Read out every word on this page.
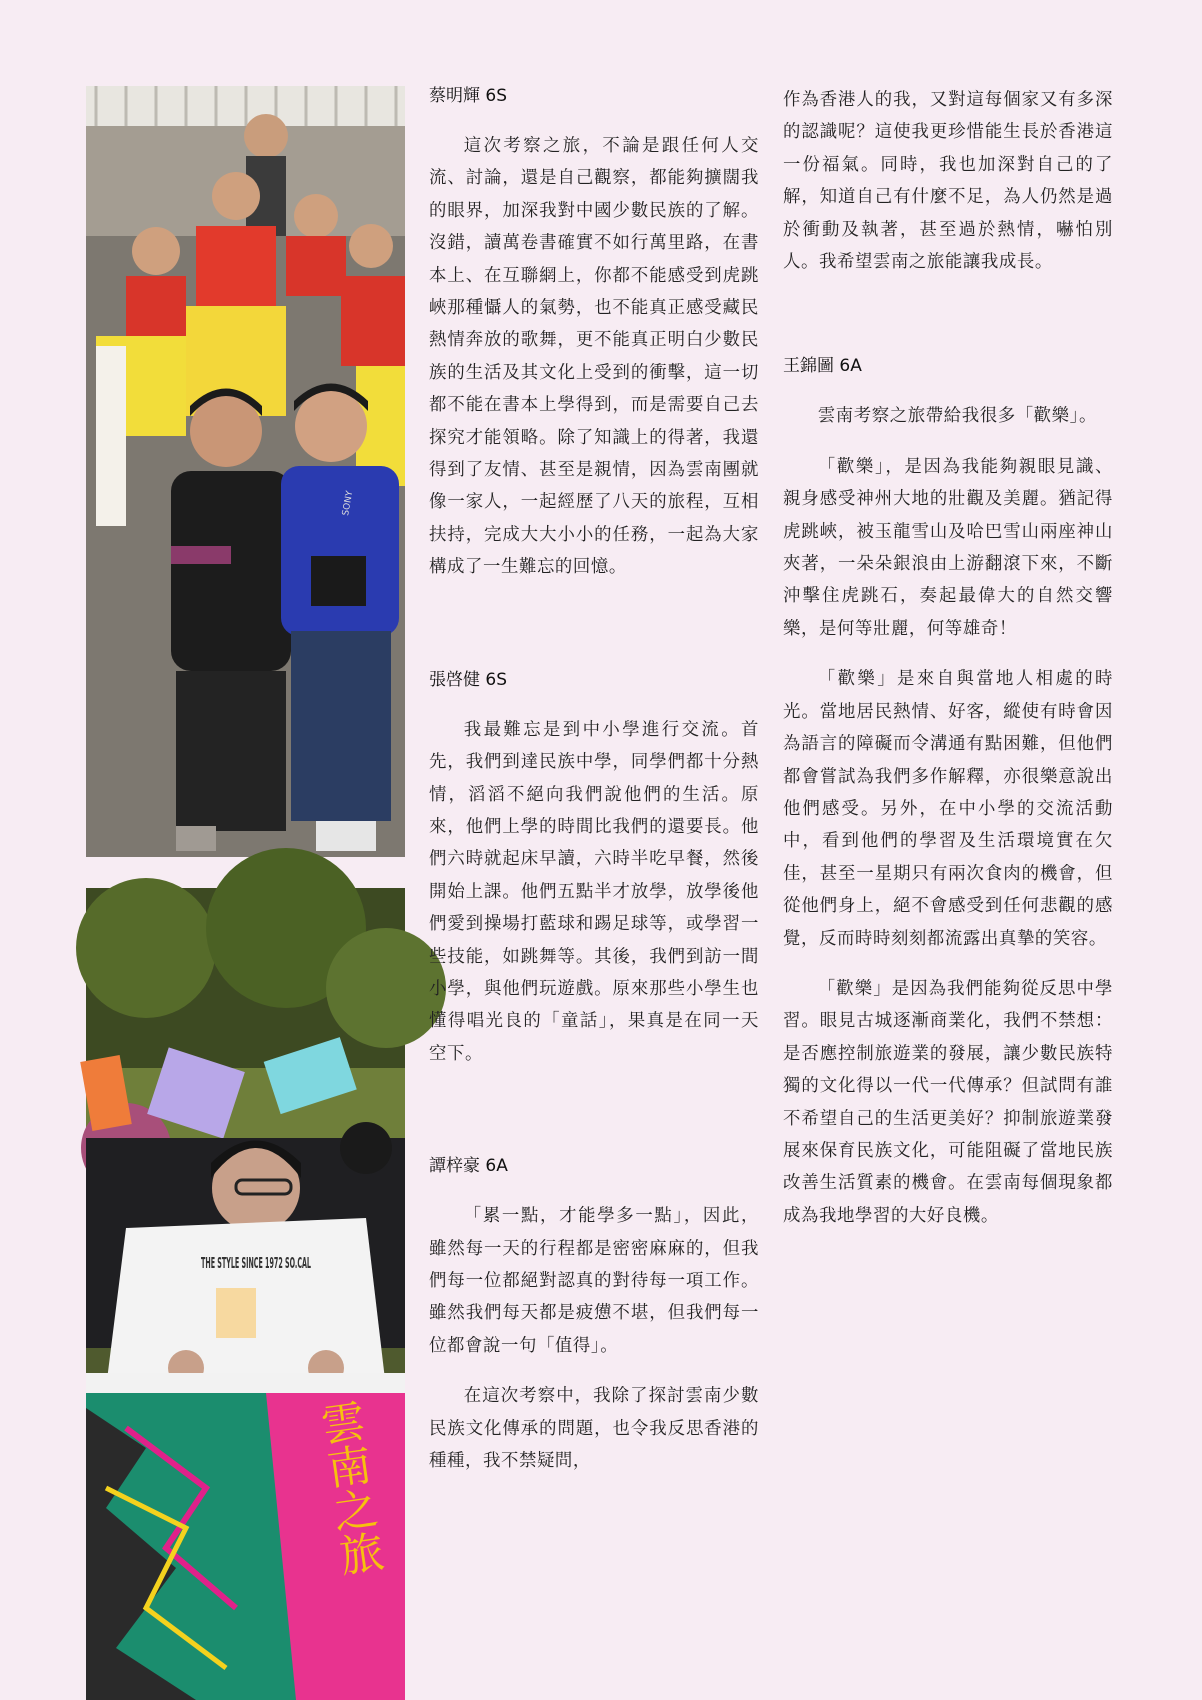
SONY
THE STYLE SINCE 1972 SO.CAL
雲南之旅
蔡明輝 6S

這次考察之旅，不論是跟任何人交流、討論，還是自己觀察，都能夠擴闊我的眼界，加深我對中國少數民族的了解。沒錯，讀萬卷書確實不如行萬里路，在書本上、在互聯網上，你都不能感受到虎跳峽那種懾人的氣勢，也不能真正感受藏民熱情奔放的歌舞，更不能真正明白少數民族的生活及其文化上受到的衝擊，這一切都不能在書本上學得到，而是需要自己去探究才能領略。除了知識上的得著，我還得到了友情、甚至是親情，因為雲南團就像一家人，一起經歷了八天的旅程，互相扶持，完成大大小小的任務，一起為大家構成了一生難忘的回憶。

張啓健 6S

我最難忘是到中小學進行交流。首先，我們到達民族中學，同學們都十分熱情，滔滔不絕向我們說他們的生活。原來，他們上學的時間比我們的還要長。他們六時就起床早讀，六時半吃早餐，然後開始上課。他們五點半才放學，放學後他們愛到操場打藍球和踢足球等，或學習一些技能，如跳舞等。其後，我們到訪一間小學，與他們玩遊戲。原來那些小學生也懂得唱光良的「童話」，果真是在同一天空下。

譚梓豪 6A

「累一點，才能學多一點」，因此，雖然每一天的行程都是密密麻麻的，但我們每一位都絕對認真的對待每一項工作。雖然我們每天都是疲憊不堪，但我們每一位都會說一句「值得」。

在這次考察中，我除了探討雲南少數民族文化傳承的問題，也令我反思香港的種種，我不禁疑問，

作為香港人的我，又對這每個家又有多深的認識呢？這使我更珍惜能生長於香港這一份福氣。同時，我也加深對自己的了解，知道自己有什麼不足，為人仍然是過於衝動及執著，甚至過於熱情，嚇怕別人。我希望雲南之旅能讓我成長。

王錦圖 6A

雲南考察之旅帶給我很多「歡樂」。

「歡樂」，是因為我能夠親眼見識、親身感受神州大地的壯觀及美麗。猶記得虎跳峽，被玉龍雪山及哈巴雪山兩座神山夾著，一朵朵銀浪由上游翻滾下來，不斷沖擊住虎跳石，奏起最偉大的自然交響樂，是何等壯麗，何等雄奇！

「歡樂」是來自與當地人相處的時光。當地居民熱情、好客，縱使有時會因為語言的障礙而令溝通有點困難，但他們都會嘗試為我們多作解釋，亦很樂意說出他們感受。另外，在中小學的交流活動中，看到他們的學習及生活環境實在欠佳，甚至一星期只有兩次食肉的機會，但從他們身上，絕不會感受到任何悲觀的感覺，反而時時刻刻都流露出真摯的笑容。

「歡樂」是因為我們能夠從反思中學習。眼見古城逐漸商業化，我們不禁想：是否應控制旅遊業的發展，讓少數民族特獨的文化得以一代一代傳承？但試問有誰不希望自己的生活更美好？抑制旅遊業發展來保育民族文化，可能阻礙了當地民族改善生活質素的機會。在雲南每個現象都成為我地學習的大好良機。
